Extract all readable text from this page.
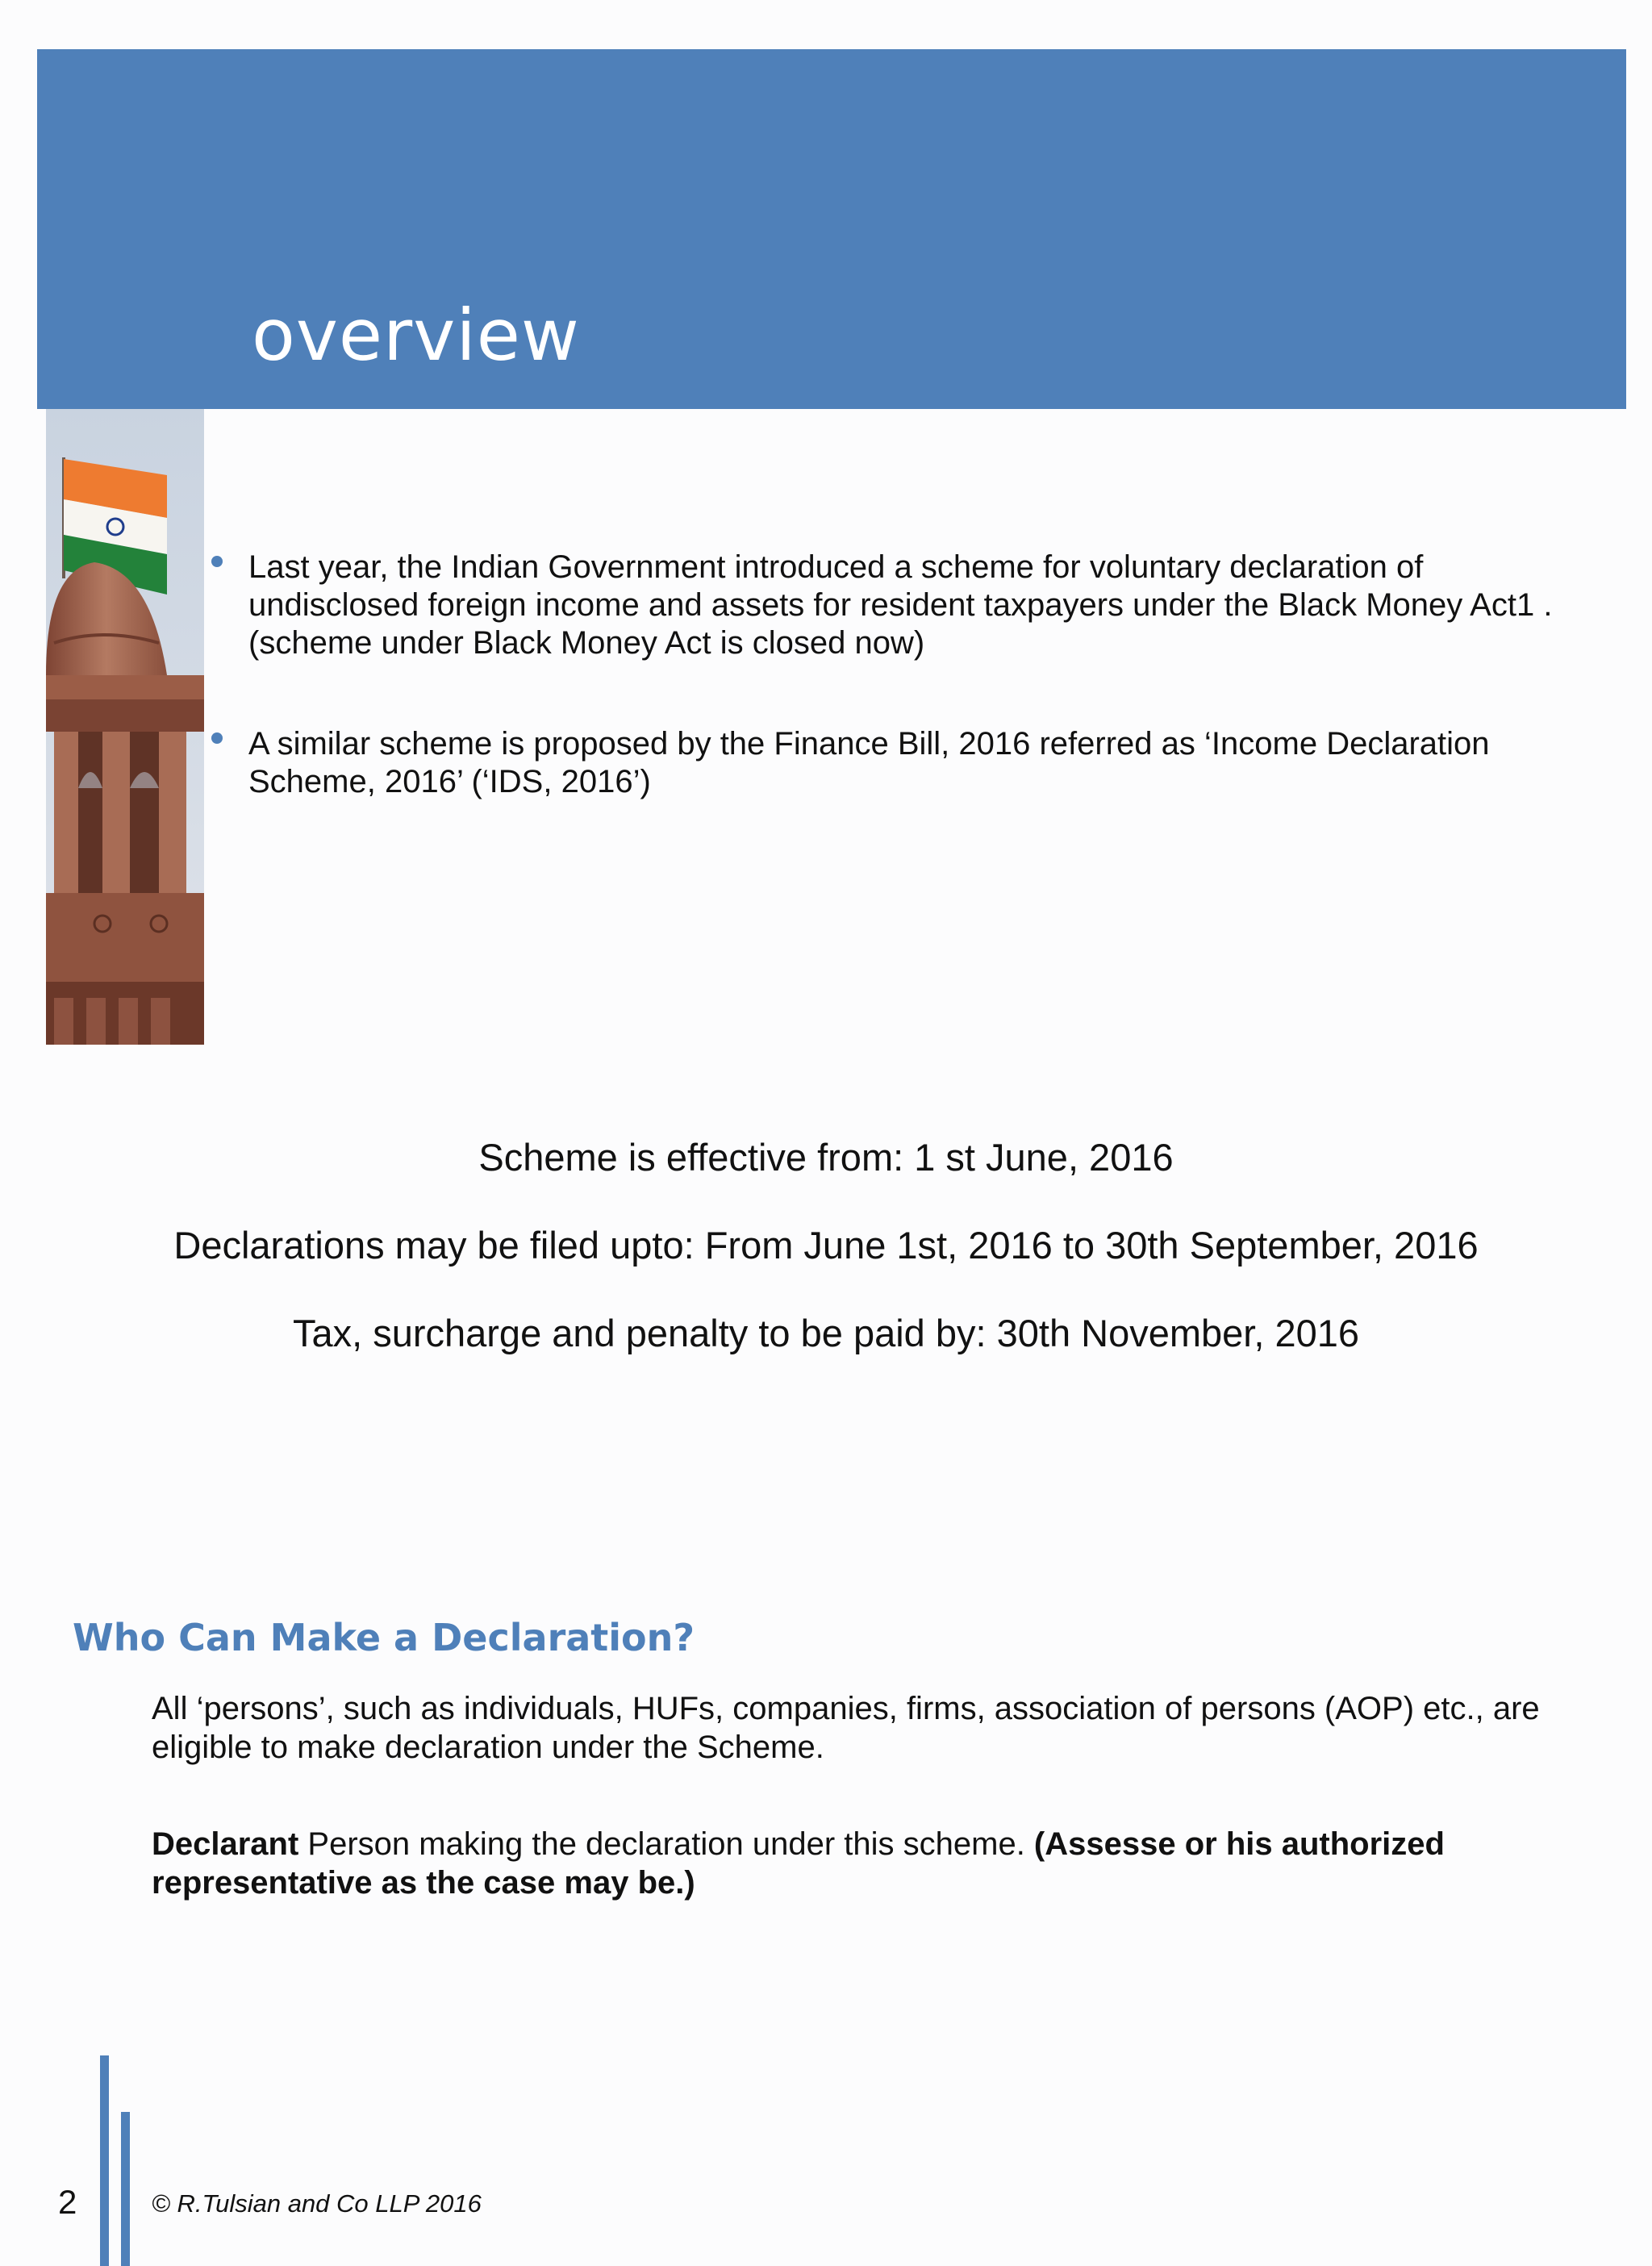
overview
Last year, the Indian Government introduced a scheme for voluntary declaration of undisclosed foreign income and assets for resident taxpayers under the Black Money Act1 . (scheme under Black Money Act is closed now)
A similar scheme is proposed by the Finance Bill, 2016 referred as ‘Income Declaration Scheme, 2016’ (‘IDS, 2016’)

Scheme is effective from: 1 st June, 2016

Declarations may be filed upto: From June 1st, 2016 to 30th September, 2016

Tax, surcharge and penalty to be paid by: 30th November, 2016

Who Can Make a Declaration?

All ‘persons’, such as individuals, HUFs, companies, firms, association of persons (AOP) etc., are eligible to make declaration under the Scheme.

Declarant Person making the declaration under this scheme. (Assesse or his authorized representative as the case may be.)

2	© R.Tulsian and Co LLP 2016
